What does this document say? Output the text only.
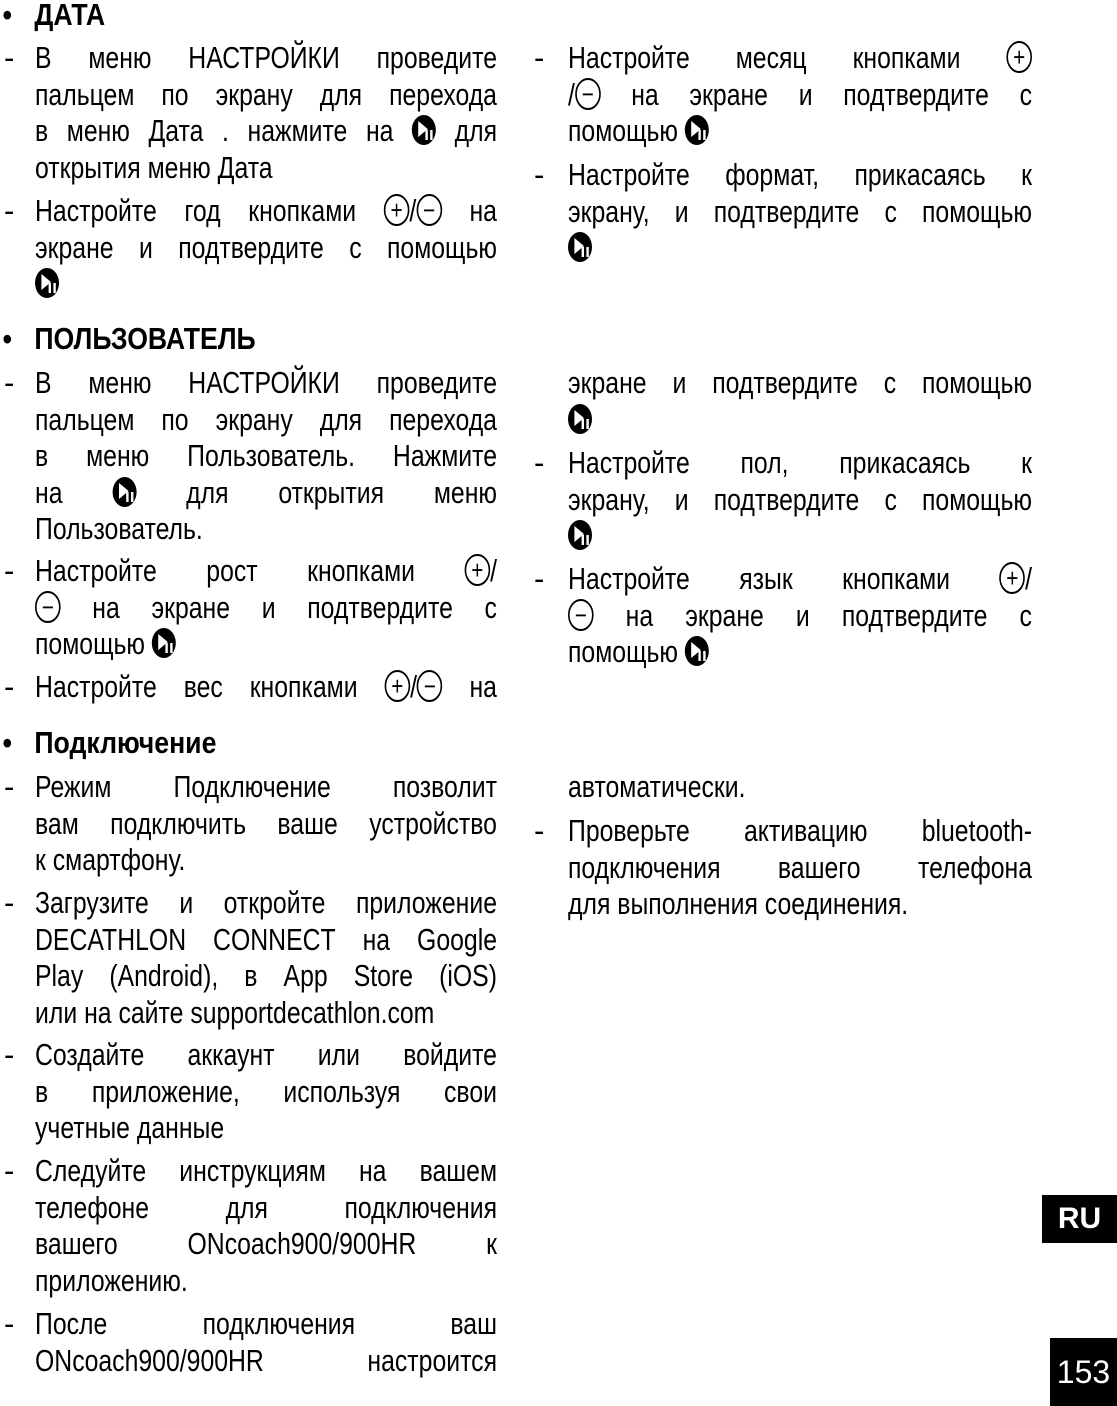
• ДАТА
- В меню НАСТРОЙКИ проведите
пальцем по экрану для перехода
в меню Дата . нажмите на для
открытия меню Дата
- Настройте год кнопками + / − на
экране и подтвердите с помощью
- Настройте месяц кнопками +
/ − на экране и подтвердите с
помощью
- Настройте формат, прикасаясь к
экрану, и подтвердите с помощью
• ПОЛЬЗОВАТЕЛЬ
- В меню НАСТРОЙКИ проведите
пальцем по экрану для перехода
в меню Пользователь. Нажмите
на	для открытия меню
Пользователь.
- Настройте рост кнопками + /
− на экране и подтвердите с
помощью
- Настройте вес кнопками + / − на
экране и подтвердите с помощью
- Настройте пол, прикасаясь к
экрану, и подтвердите с помощью
- Настройте язык кнопками + /
− на экране и подтвердите с
помощью
• Подключение
- Режим Подключение позволит
вам подключить ваше устройство
к смартфону.
- Загрузите и откройте приложение
DECATHLON CONNECT на Google
Play (Android), в App Store (iOS)
или на сайте supportdecathlon.com
- Создайте аккаунт или войдите
в приложение, используя свои
учетные данные
- Следуйте инструкциям на вашем
телефоне для подключения
вашего ONcoach900/900HR к
приложению.
- После	подключения	ваш
ONcoach900/900HR	настроится
автоматически.
- Проверьте активацию bluetooth-
подключения вашего телефона
для выполнения соединения.
RU
153
